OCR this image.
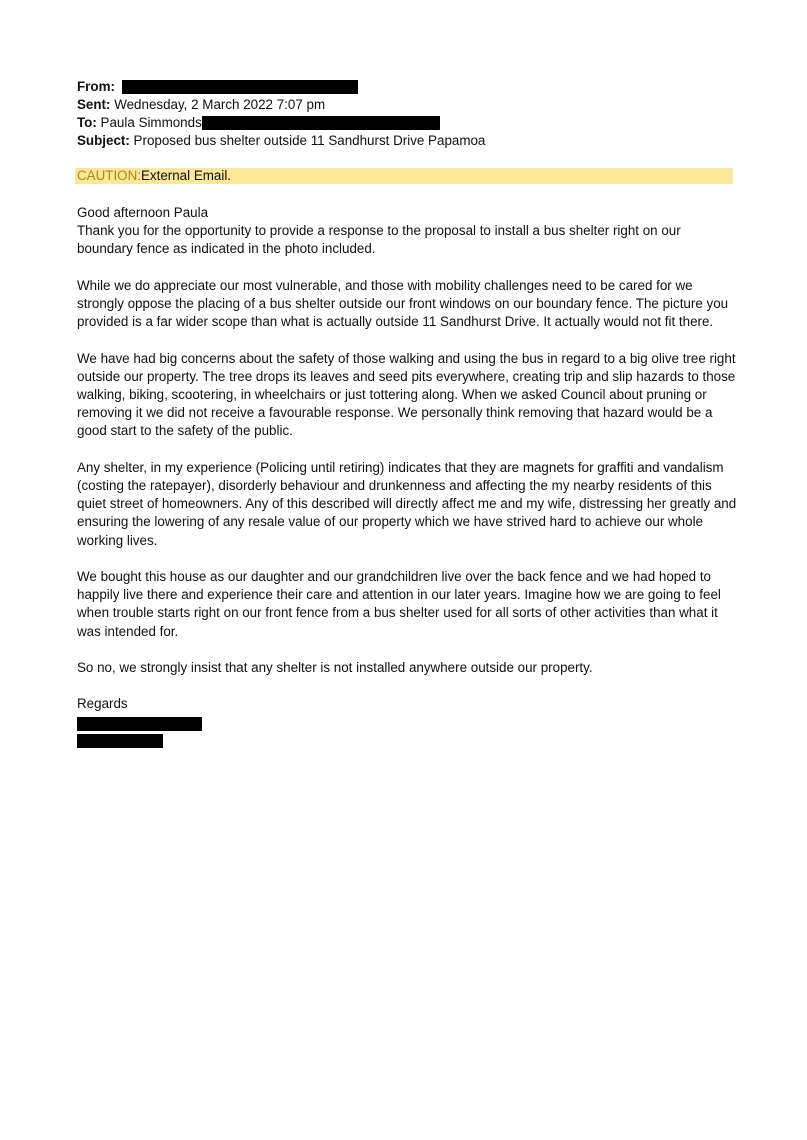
From:
Sent: Wednesday, 2 March 2022 7:07 pm
To: Paula Simmonds
Subject: Proposed bus shelter outside 11 Sandhurst Drive Papamoa
CAUTION:External Email.
Good afternoon Paula

Thank you for the opportunity to provide a response to the proposal to install a bus shelter right on our boundary fence as indicated in the photo included.

While we do appreciate our most vulnerable, and those with mobility challenges need to be cared for we strongly oppose the placing of a bus shelter outside our front windows on our boundary fence. The picture you provided is a far wider scope than what is actually outside 11 Sandhurst Drive. It actually would not fit there.

We have had big concerns about the safety of those walking and using the bus in regard to a big olive tree right outside our property. The tree drops its leaves and seed pits everywhere, creating trip and slip hazards to those walking, biking, scootering, in wheelchairs or just tottering along. When we asked Council about pruning or removing it we did not receive a favourable response. We personally think removing that hazard would be a good start to the safety of the public.

Any shelter, in my experience (Policing until retiring) indicates that they are magnets for graffiti and vandalism (costing the ratepayer), disorderly behaviour and drunkenness and affecting the my nearby residents of this quiet street of homeowners. Any of this described will directly affect me and my wife, distressing her greatly and ensuring the lowering of any resale value of our property which we have strived hard to achieve our whole working lives.

We bought this house as our daughter and our grandchildren live over the back fence and we had hoped to happily live there and experience their care and attention in our later years. Imagine how we are going to feel when trouble starts right on our front fence from a bus shelter used for all sorts of other activities than what it was intended for.

So no, we strongly insist that any shelter is not installed anywhere outside our property.

Regards
